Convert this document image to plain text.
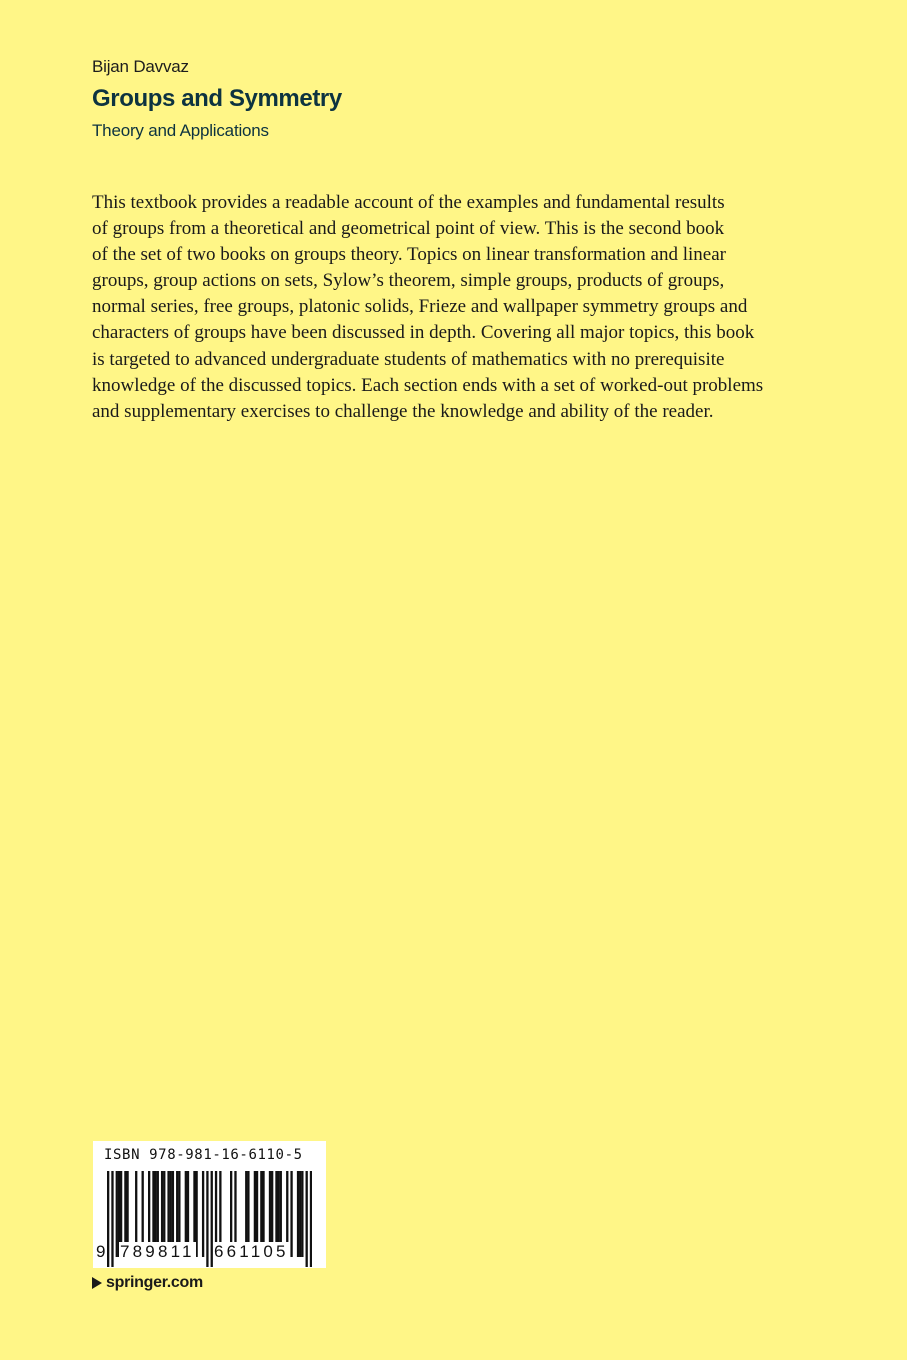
Bijan Davvaz
Groups and Symmetry
Theory and Applications

This textbook provides a readable account of the examples and fundamental results
of groups from a theoretical and geometrical point of view. This is the second book
of the set of two books on groups theory. Topics on linear transformation and linear
groups, group actions on sets, Sylow’s theorem, simple groups, products of groups,
normal series, free groups, platonic solids, Frieze and wallpaper symmetry groups and
characters of groups have been discussed in depth. Covering all major topics, this book
is targeted to advanced undergraduate students of mathematics with no prerequisite
knowledge of the discussed topics. Each section ends with a set of worked-out problems
and supplementary exercises to challenge the knowledge and ability of the reader.

ISBN 978-981-16-6110-5
9 789811 661105
springer.com
